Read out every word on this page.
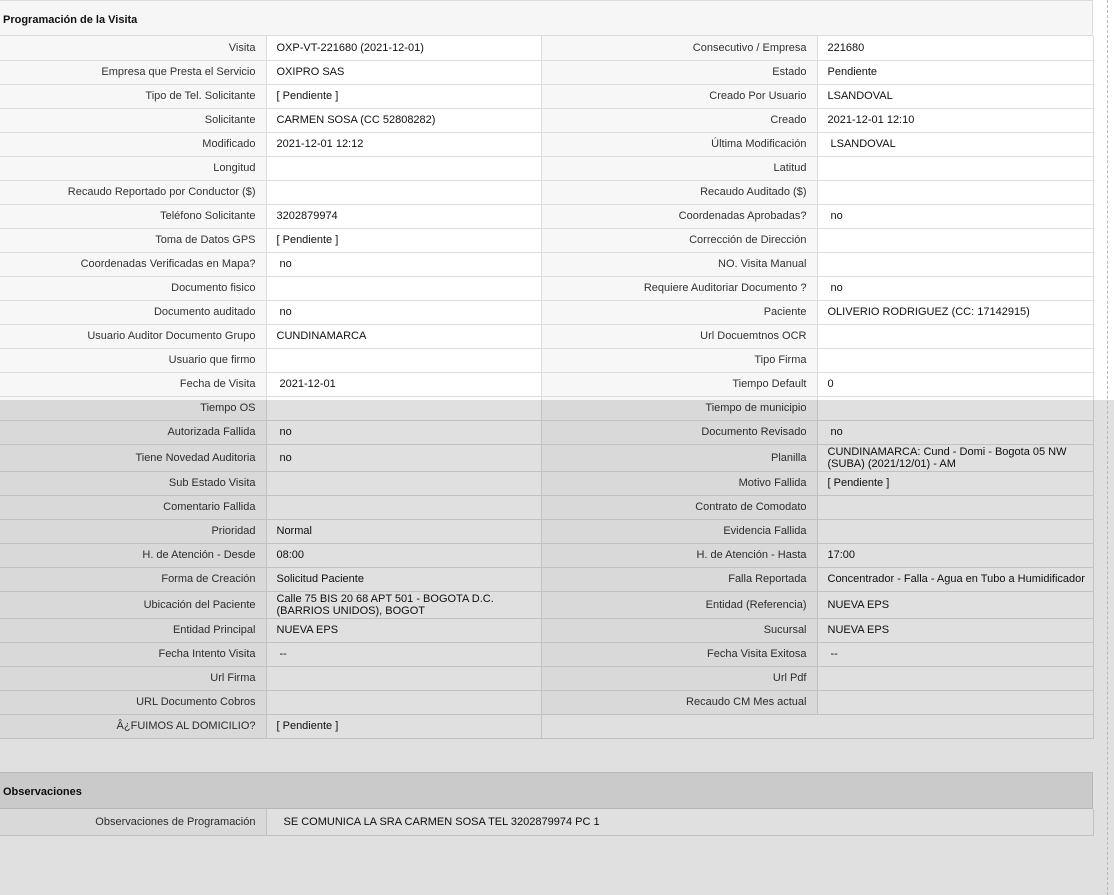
Programación de la Visita
Visita	OXP-VT-221680 (2021-12-01)	Consecutivo / Empresa	221680
Empresa que Presta el Servicio	OXIPRO SAS	Estado	Pendiente
Tipo de Tel. Solicitante	[ Pendiente ]	Creado Por Usuario	LSANDOVAL
Solicitante	CARMEN SOSA (CC 52808282)	Creado	2021-12-01 12:10
Modificado	2021-12-01 12:12	Última Modificación	LSANDOVAL
Longitud		Latitud	
Recaudo Reportado por Conductor ($)		Recaudo Auditado ($)	
Teléfono Solicitante	3202879974	Coordenadas Aprobadas?	no
Toma de Datos GPS	[ Pendiente ]	Corrección de Dirección	
Coordenadas Verificadas en Mapa?	no	NO. Visita Manual	
Documento fisico		Requiere Auditoriar Documento ?	no
Documento auditado	no	Paciente	OLIVERIO RODRIGUEZ (CC: 17142915)
Usuario Auditor Documento Grupo	CUNDINAMARCA	Url Docuemtnos OCR	
Usuario que firmo		Tipo Firma	
Fecha de Visita	2021-12-01	Tiempo Default	0
Tiempo OS		Tiempo de municipio	
Autorizada Fallida	no	Documento Revisado	no
Tiene Novedad Auditoria	no	Planilla	CUNDINAMARCA: Cund - Domi - Bogota 05 NW (SUBA) (2021/12/01) - AM
Sub Estado Visita		Motivo Fallida	[ Pendiente ]
Comentario Fallida		Contrato de Comodato	
Prioridad	Normal	Evidencia Fallida	
H. de Atención - Desde	08:00	H. de Atención - Hasta	17:00
Forma de Creación	Solicitud Paciente	Falla Reportada	Concentrador - Falla - Agua en Tubo a Humidificador
Ubicación del Paciente	Calle 75 BIS 20 68 APT 501 - BOGOTA D.C. (BARRIOS UNIDOS), BOGOT	Entidad (Referencia)	NUEVA EPS
Entidad Principal	NUEVA EPS	Sucursal	NUEVA EPS
Fecha Intento Visita	--	Fecha Visita Exitosa	--
Url Firma		Url Pdf	
URL Documento Cobros		Recaudo CM Mes actual	
Â¿FUIMOS AL DOMICILIO?	[ Pendiente ]		
Observaciones
Observaciones de Programación	SE COMUNICA LA SRA CARMEN SOSA TEL 3202879974 PC 1
